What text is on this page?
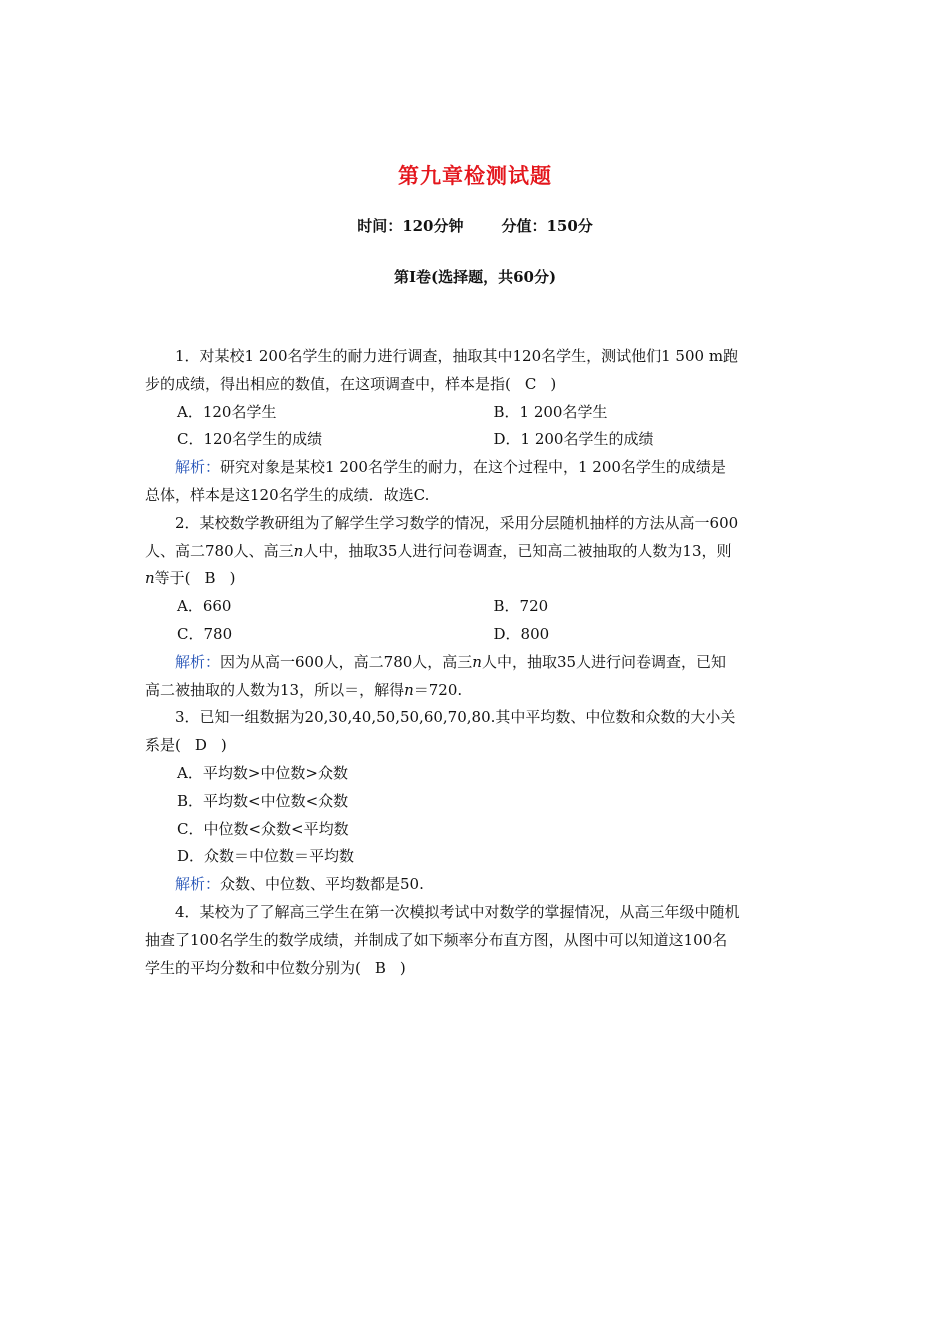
第九章检测试题
时间：120分钟	分值：150分
第Ⅰ卷(选择题，共60分)

1．对某校1 200名学生的耐力进行调查，抽取其中120名学生，测试他们1 500 m跑

步的成绩，得出相应的数值，在这项调查中，样本是指( C )

A．120名学生	B．1 200名学生
C．120名学生的成绩	D．1 200名学生的成绩

解析：研究对象是某校1 200名学生的耐力，在这个过程中，1 200名学生的成绩是

总体，样本是这120名学生的成绩．故选C.

2．某校数学教研组为了解学生学习数学的情况，采用分层随机抽样的方法从高一600

人、高二780人、高三n人中，抽取35人进行问卷调查，已知高二被抽取的人数为13，则

n等于( B )

A．660	B．720
C．780	D．800

解析：因为从高一600人，高二780人，高三n人中，抽取35人进行问卷调查，已知

高二被抽取的人数为13，所以＝，解得n＝720.

3．已知一组数据为20,30,40,50,50,60,70,80.其中平均数、中位数和众数的大小关

系是( D )

A．平均数>中位数>众数
B．平均数<中位数<众数
C．中位数<众数<平均数
D．众数＝中位数＝平均数

解析：众数、中位数、平均数都是50.

4．某校为了了解高三学生在第一次模拟考试中对数学的掌握情况，从高三年级中随机

抽查了100名学生的数学成绩，并制成了如下频率分布直方图，从图中可以知道这100名

学生的平均分数和中位数分别为( B )
